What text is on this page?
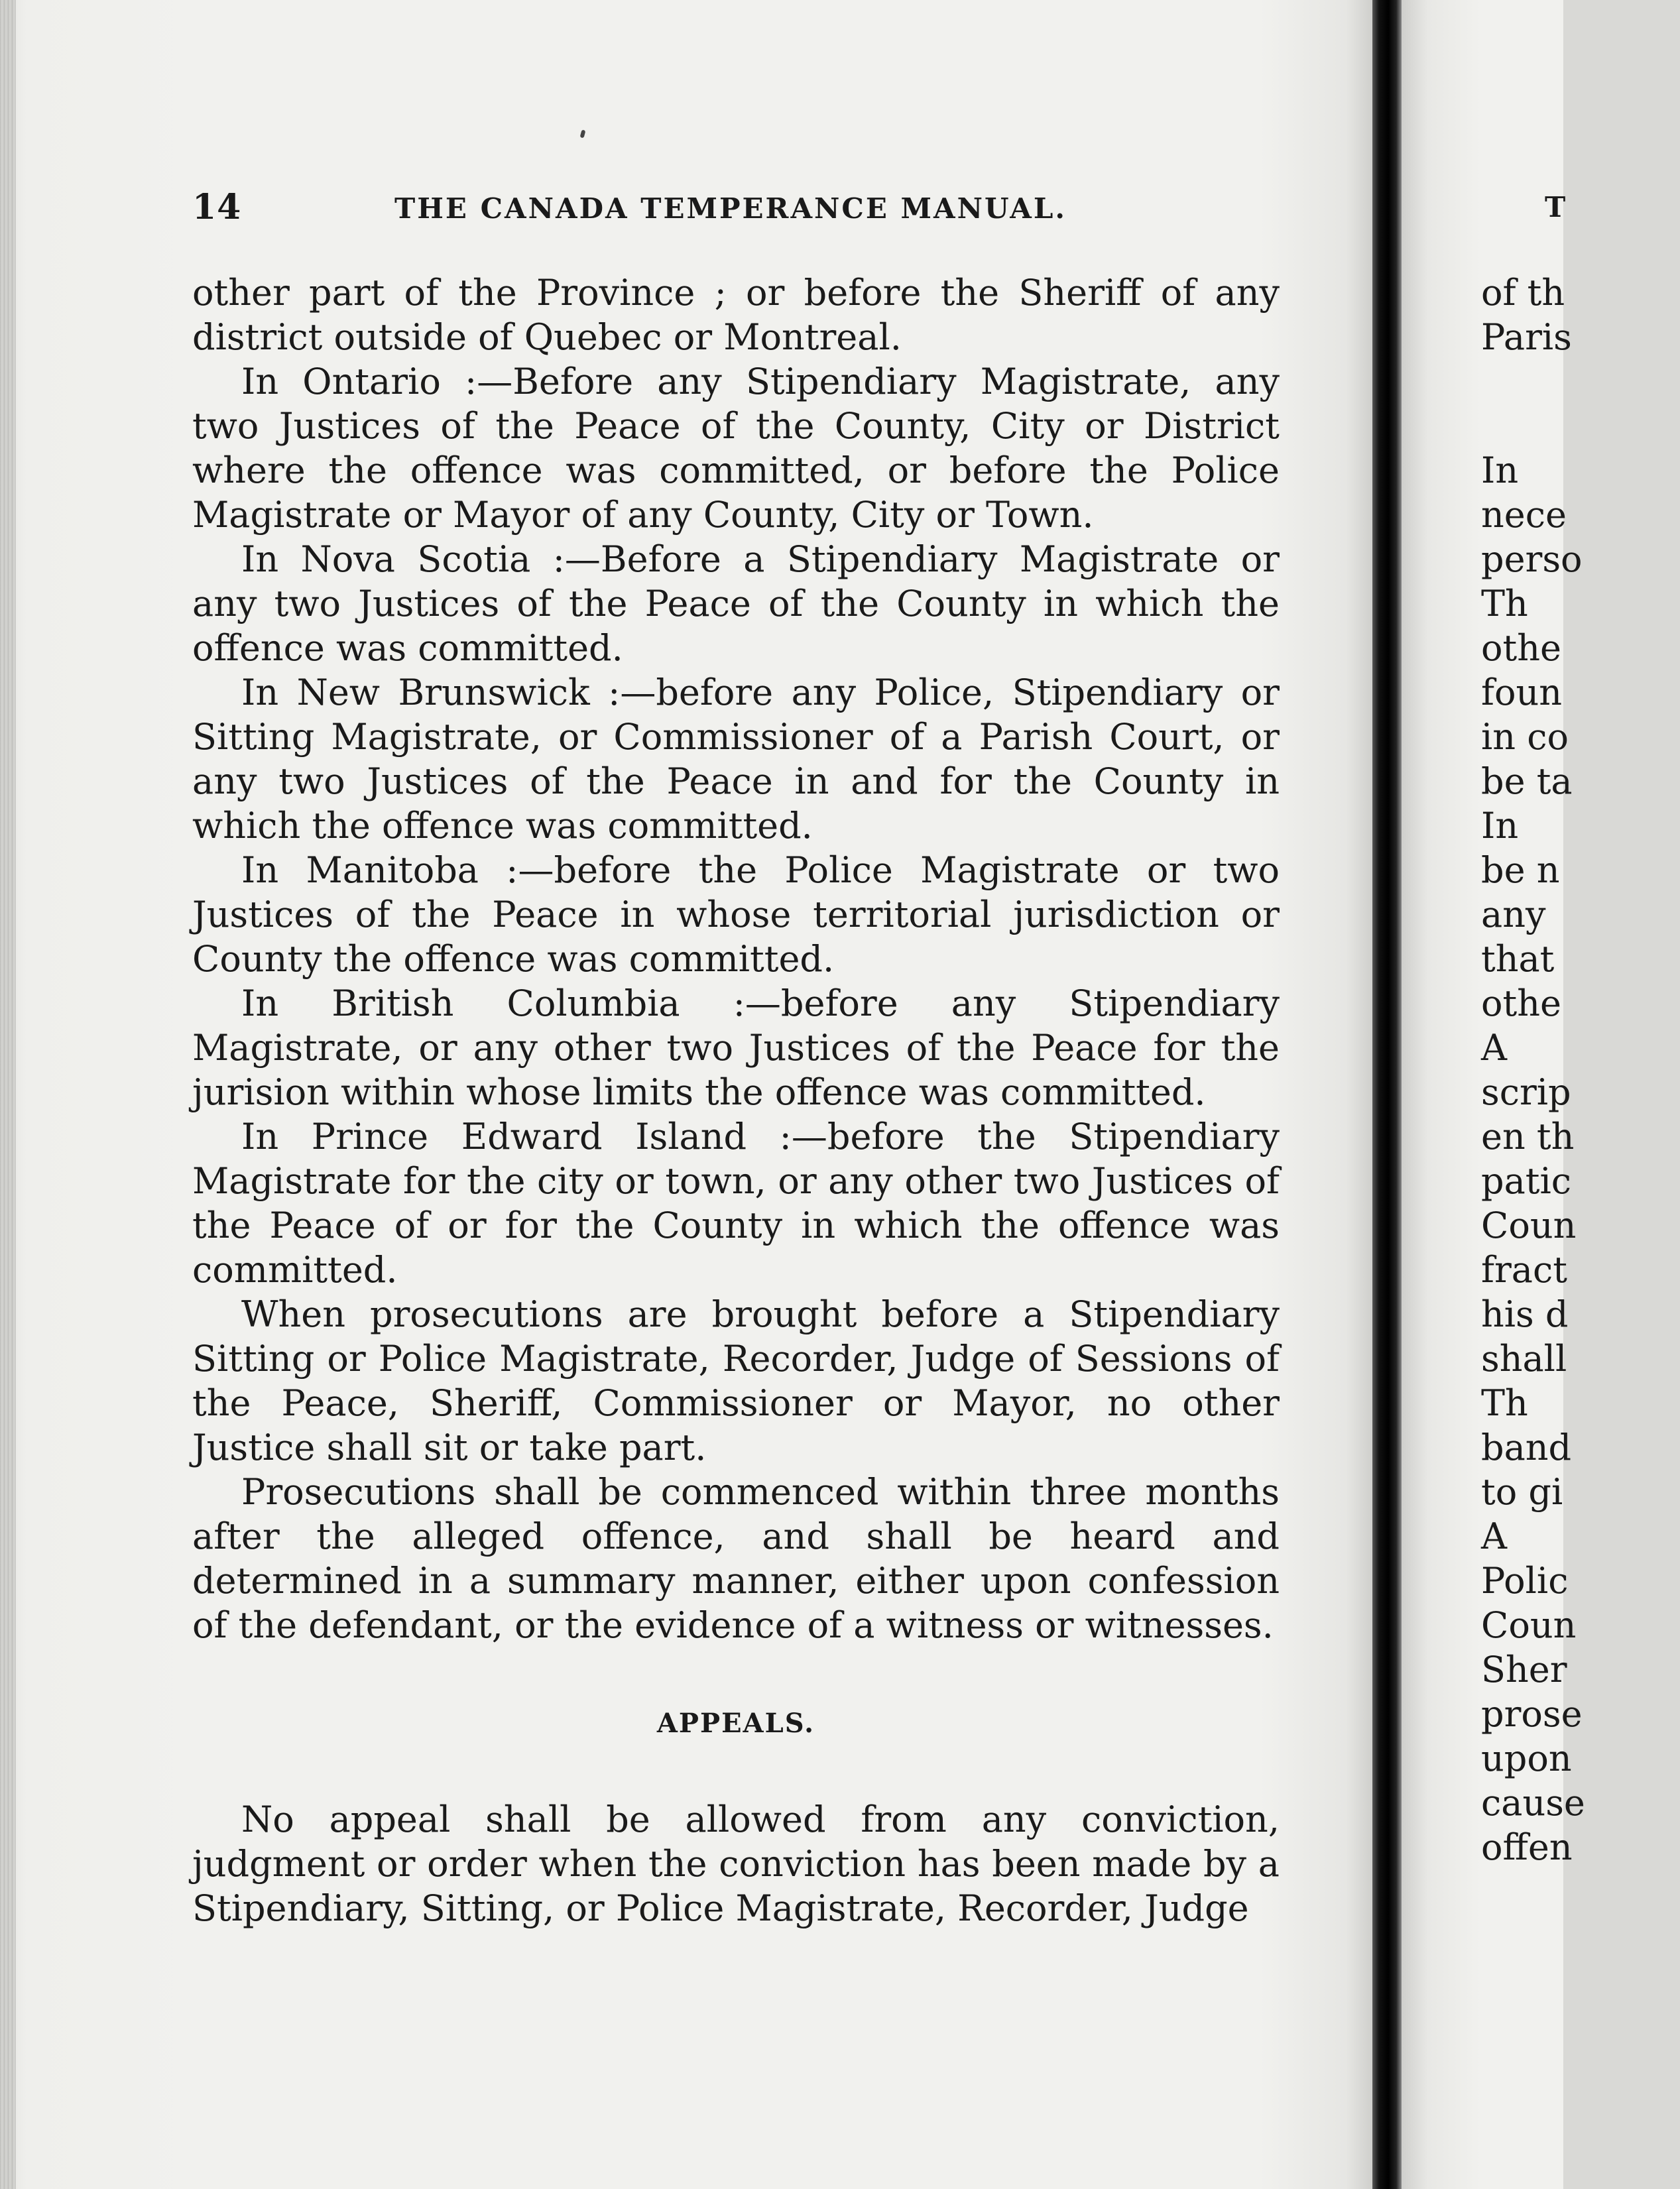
14	THE CANADA TEMPERANCE MANUAL.

other part of the Province ; or before the Sheriff of any district outside of Quebec or Montreal.

In Ontario :—Before any Stipendiary Magistrate, any two Justices of the Peace of the County, City or District where the offence was committed, or before the Police Magistrate or Mayor of any County, City or Town.

In Nova Scotia :—Before a Stipendiary Magistrate or any two Justices of the Peace of the County in which the offence was committed.

In New Brunswick :—before any Police, Stipendiary or Sitting Magistrate, or Commissioner of a Parish Court, or any two Justices of the Peace in and for the County in which the offence was committed.

In Manitoba :—before the Police Magistrate or two Justices of the Peace in whose territorial jurisdiction or County the offence was committed.

In British Columbia :—before any Stipendiary Magistrate, or any other two Justices of the Peace for the jurision within whose limits the offence was committed.

In Prince Edward Island :—before the Stipendiary Magistrate for the city or town, or any other two Justices of the Peace of or for the County in which the offence was committed.

When prosecutions are brought before a Stipendiary Sitting or Police Magistrate, Recorder, Judge of Sessions of the Peace, Sheriff, Commissioner or Mayor, no other Justice shall sit or take part.

Prosecutions shall be commenced within three months after the alleged offence, and shall be heard and determined in a summary manner, either upon confession of the defendant, or the evidence of a witness or witnesses.

APPEALS.

No appeal shall be allowed from any conviction, judgment or order when the conviction has been made by a Stipendiary, Sitting, or Police Magistrate, Recorder, Judge

T
of th
Paris
In
nece
perso
Th
othe
foun
in co
be ta
In
be n
any
that
othe
A
scrip
en th
patic
Coun
fract
his d
shall
Th
band
to gi
A
Polic
Coun
Sher
prose
upon
cause
offen
